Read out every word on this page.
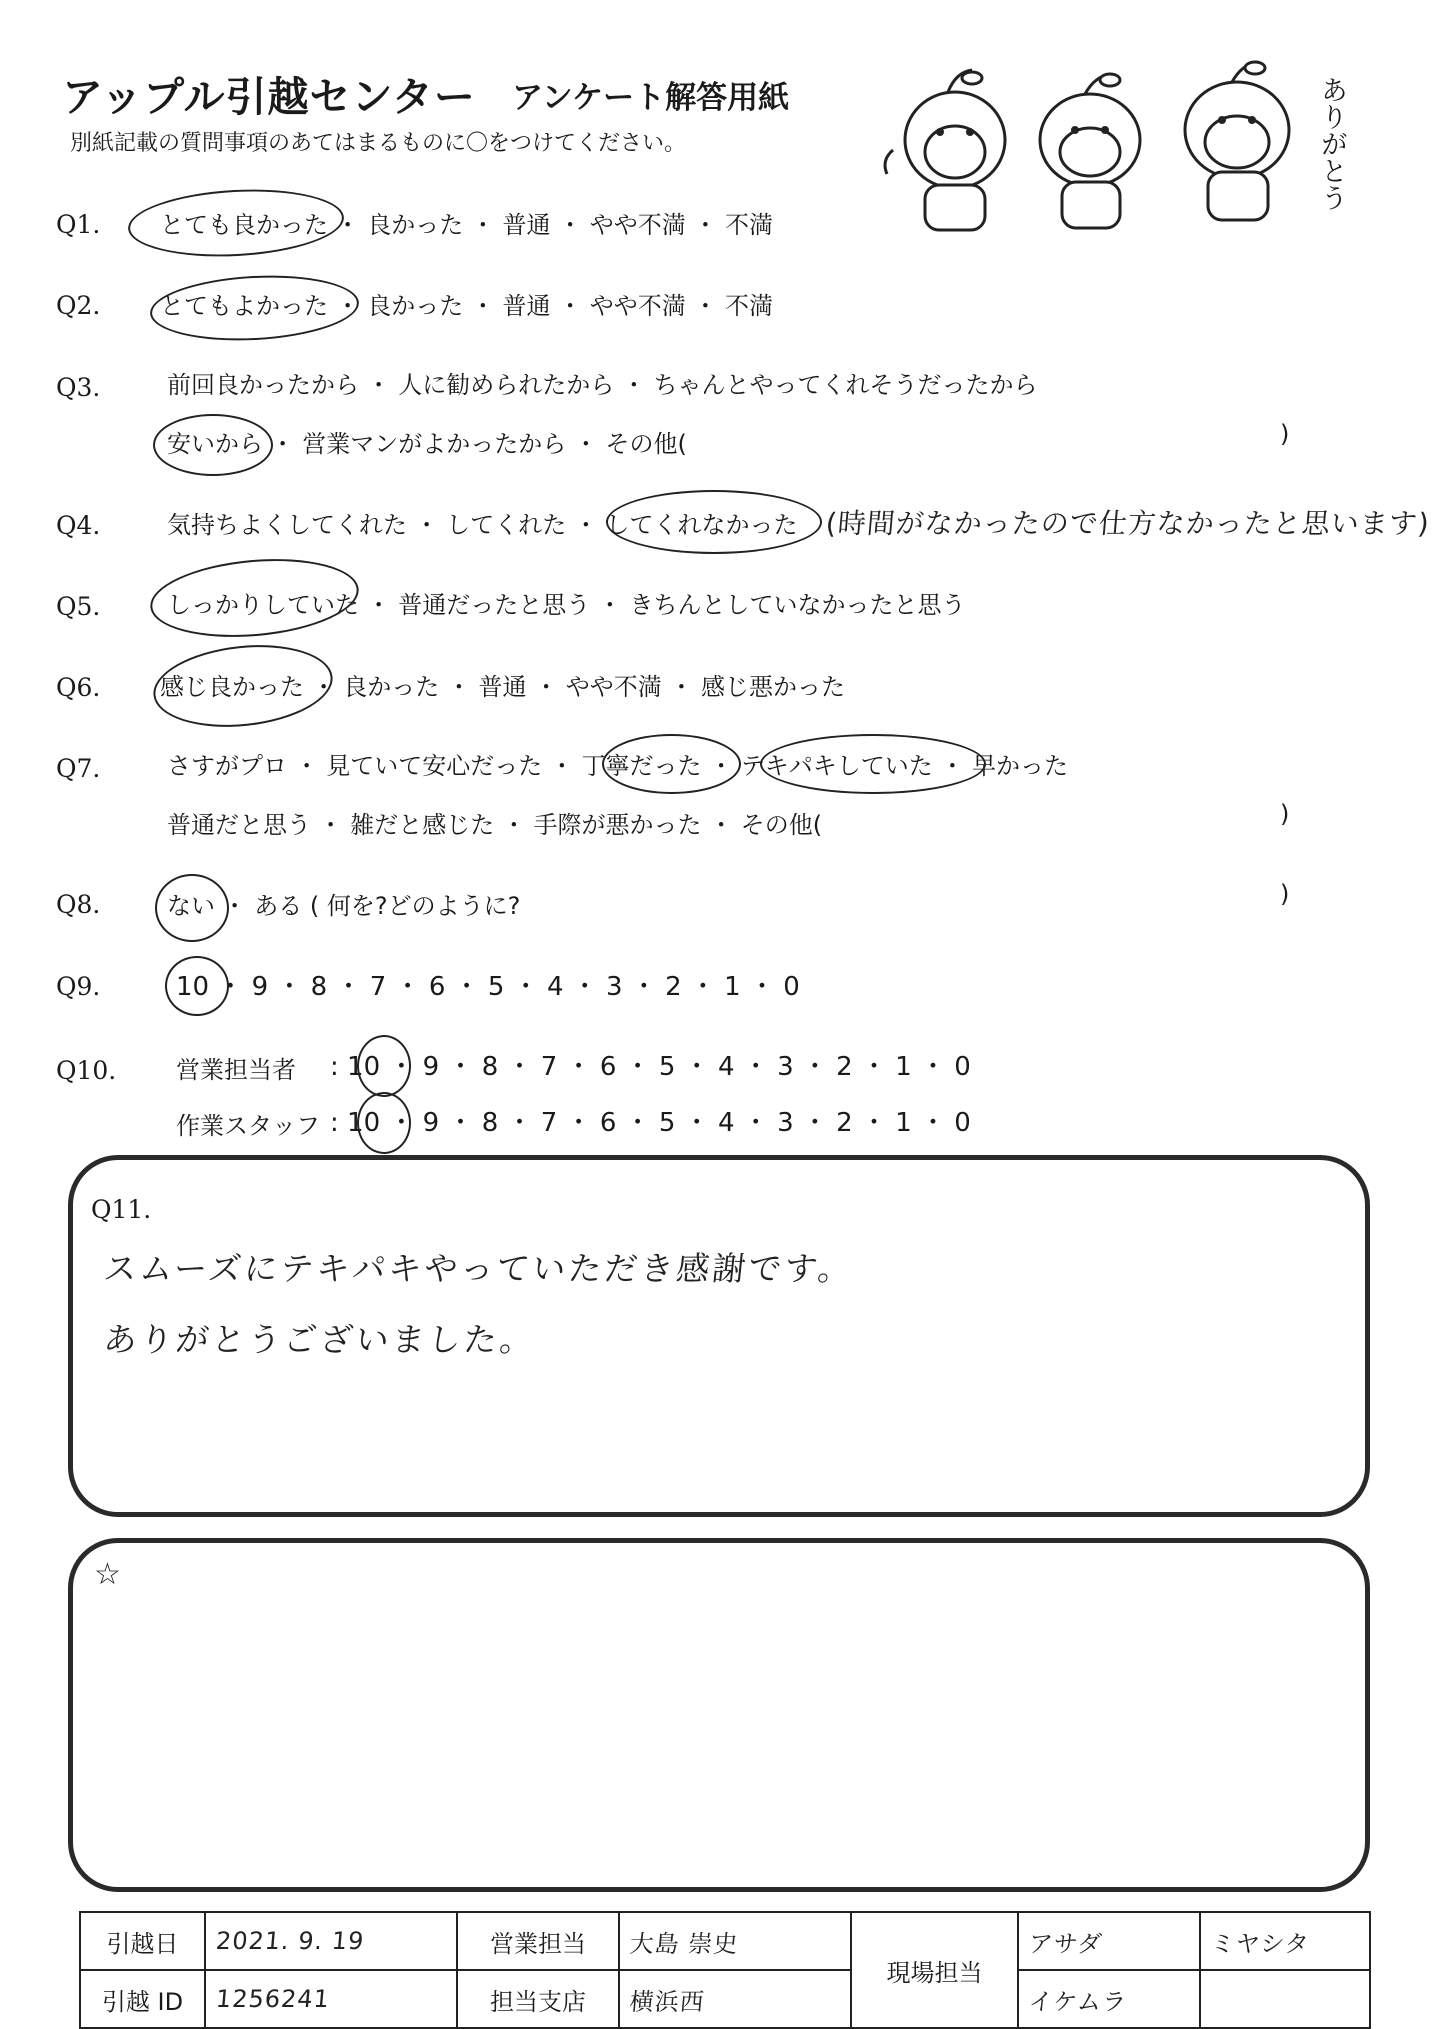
アップル引越センター アンケート解答用紙
別紙記載の質問事項のあてはまるものに〇をつけてください。	ありがとう
Q1. とても良かった ・ 良かった ・ 普通 ・ やや不満 ・ 不満
Q2. とてもよかった ・ 良かった ・ 普通 ・ やや不満 ・ 不満
Q3.	前回良かったから ・ 人に勧められたから ・ ちゃんとやってくれそうだったから
安いから ・ 営業マンがよかったから ・ その他(	)
Q4.	気持ちよくしてくれた ・ してくれた ・ してくれなかった (時間がなかったので仕方なかったと思います)
Q5.	しっかりしていた ・ 普通だったと思う ・ きちんとしていなかったと思う
Q6. 感じ良かった ・ 良かった ・ 普通 ・ やや不満 ・ 感じ悪かった
Q7.	さすがプロ ・ 見ていて安心だった ・ 丁寧だった ・ テキパキしていた ・ 早かった
普通だと思う ・ 雑だと感じた ・ 手際が悪かった ・ その他(	)
Q8.	ない ・ ある ( 何を?どのように?	)
Q9.	10 ・ 9 ・ 8 ・ 7 ・ 6 ・ 5 ・ 4 ・ 3 ・ 2 ・ 1 ・ 0
Q10. 営業担当者 : 10 ・ 9 ・ 8 ・ 7 ・ 6 ・ 5 ・ 4 ・ 3 ・ 2 ・ 1 ・ 0
作業スタッフ : 10 ・ 9 ・ 8 ・ 7 ・ 6 ・ 5 ・ 4 ・ 3 ・ 2 ・ 1 ・ 0
Q11.
スムーズにテキパキやっていただき感謝です。
ありがとうございました。
☆
引越日	2021. 9. 19	営業担当	大島 崇史	現場担当	アサダ	ミヤシタ
引越 ID	1256241	担当支店	横浜西		イケムラ	
